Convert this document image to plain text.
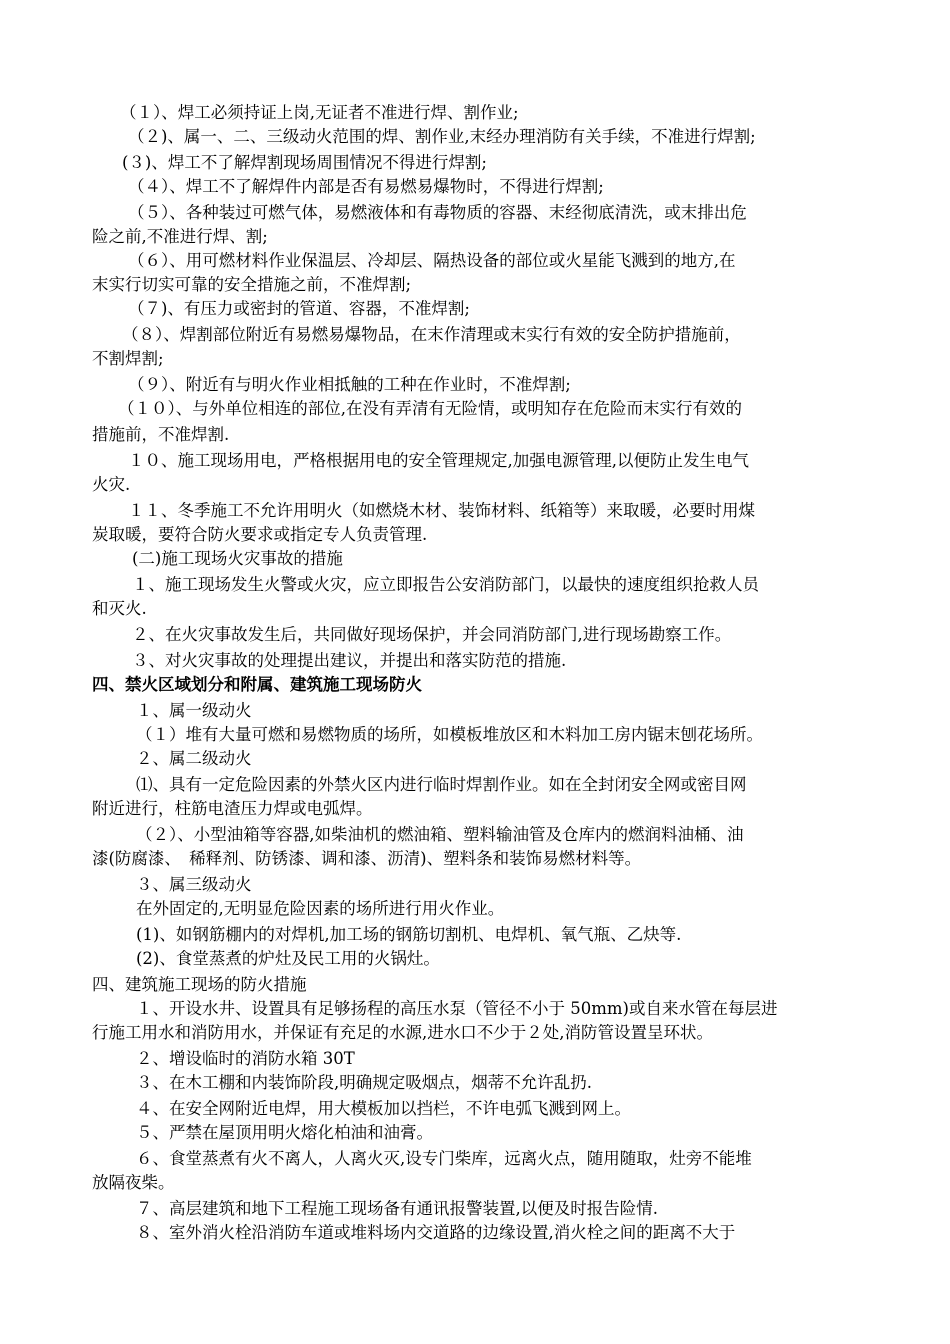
（１）、焊工必须持证上岗,无证者不准进行焊、割作业;
（２)、属一、二、三级动火范围的焊、割作业,末经办理消防有关手续，不准进行焊割;
(３)、焊工不了解焊割现场周围情况不得进行焊割;
（４）、焊工不了解焊件内部是否有易燃易爆物时，不得进行焊割;
（５）、各种装过可燃气体，易燃液体和有毒物质的容器、末经彻底清洗，或末排出危
险之前,不准进行焊、割;
（６）、用可燃材料作业保温层、冷却层、隔热设备的部位或火星能飞溅到的地方,在
末实行切实可靠的安全措施之前，不准焊割;
（７)、有压力或密封的管道、容器，不准焊割;
（８）、焊割部位附近有易燃易爆物品，在末作清理或末实行有效的安全防护措施前，
不割焊割;
（９）、附近有与明火作业相抵触的工种在作业时，不准焊割;
（１０）、与外单位相连的部位,在没有弄清有无险情，或明知存在危险而末实行有效的
措施前，不准焊割.
１０、施工现场用电，严格根据用电的安全管理规定,加强电源管理,以便防止发生电气
火灾.
１１、冬季施工不允许用明火（如燃烧木材、装饰材料、纸箱等）来取暖，必要时用煤
炭取暖，要符合防火要求或指定专人负责管理.
(二)施工现场火灾事故的措施
１、施工现场发生火警或火灾，应立即报告公安消防部门，以最快的速度组织抢救人员
和灭火.
２、在火灾事故发生后，共同做好现场保护，并会同消防部门,进行现场勘察工作。
３、对火灾事故的处理提出建议，并提出和落实防范的措施.
四、禁火区域划分和附属、建筑施工现场防火
１、属一级动火
（１）堆有大量可燃和易燃物质的场所，如模板堆放区和木料加工房内锯末刨花场所。
２、属二级动火
⑴、具有一定危险因素的外禁火区内进行临时焊割作业。如在全封闭安全网或密目网
附近进行，柱筋电渣压力焊或电弧焊。
（２）、小型油箱等容器,如柴油机的燃油箱、塑料输油管及仓库内的燃润料油桶、油
漆(防腐漆、　稀释剂、防锈漆、调和漆、沥清)、塑料条和装饰易燃材料等。
３、属三级动火
在外固定的,无明显危险因素的场所进行用火作业。
(1)、如钢筋棚内的对焊机,加工场的钢筋切割机、电焊机、氧气瓶、乙炔等.
(2)、食堂蒸煮的炉灶及民工用的火锅灶。
四、建筑施工现场的防火措施
１、开设水井、设置具有足够扬程的高压水泵（管径不小于 50mm)或自来水管在每层进
行施工用水和消防用水，并保证有充足的水源,进水口不少于２处,消防管设置呈环状。
２、增设临时的消防水箱 30T
３、在木工棚和内装饰阶段,明确规定吸烟点，烟蒂不允许乱扔.
４、在安全网附近电焊，用大模板加以挡栏，不许电弧飞溅到网上。
５、严禁在屋顶用明火熔化柏油和油膏。
６、食堂蒸煮有火不离人，人离火灭,设专门柴库，远离火点，随用随取，灶旁不能堆
放隔夜柴。
７、高层建筑和地下工程施工现场备有通讯报警装置,以便及时报告险情.
８、室外消火栓沿消防车道或堆料场内交道路的边缘设置,消火栓之间的距离不大于
